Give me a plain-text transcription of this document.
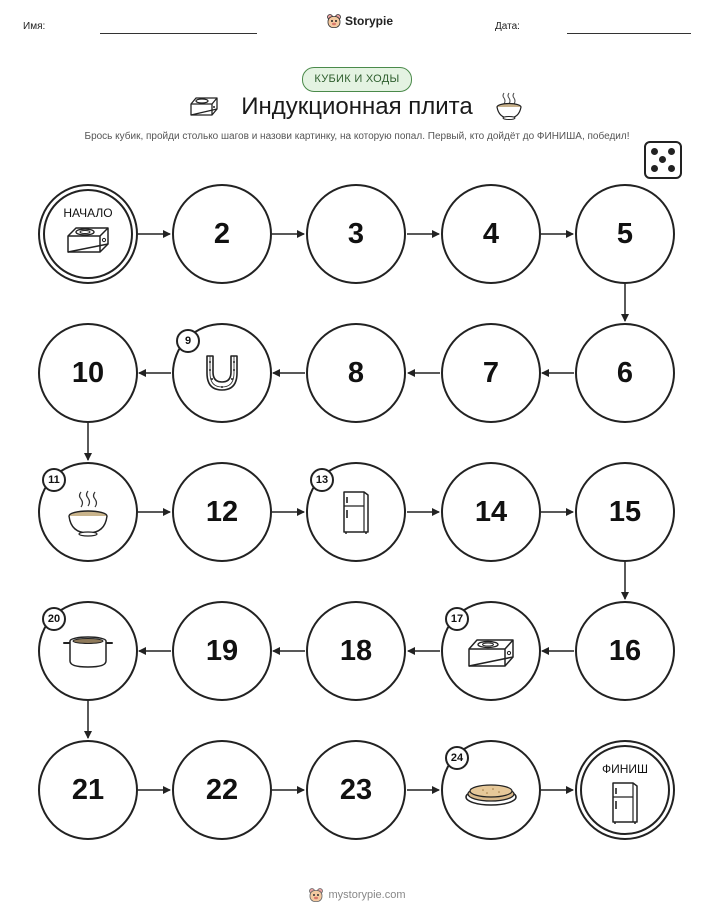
Имя:	Storypie	Дата:
КУБИК И ХОДЫ
Индукционная плита
Брось кубик, пройди столько шагов и назови картинку, на которую попал. Первый, кто дойдёт до ФИНИША, победил!
НАЧАЛО
2	3	4	5
10
9
8	7	6
11
12
13
14	15
20
19	18
17
16
21	22	23
24
ФИНИШ
mystorypie.com
